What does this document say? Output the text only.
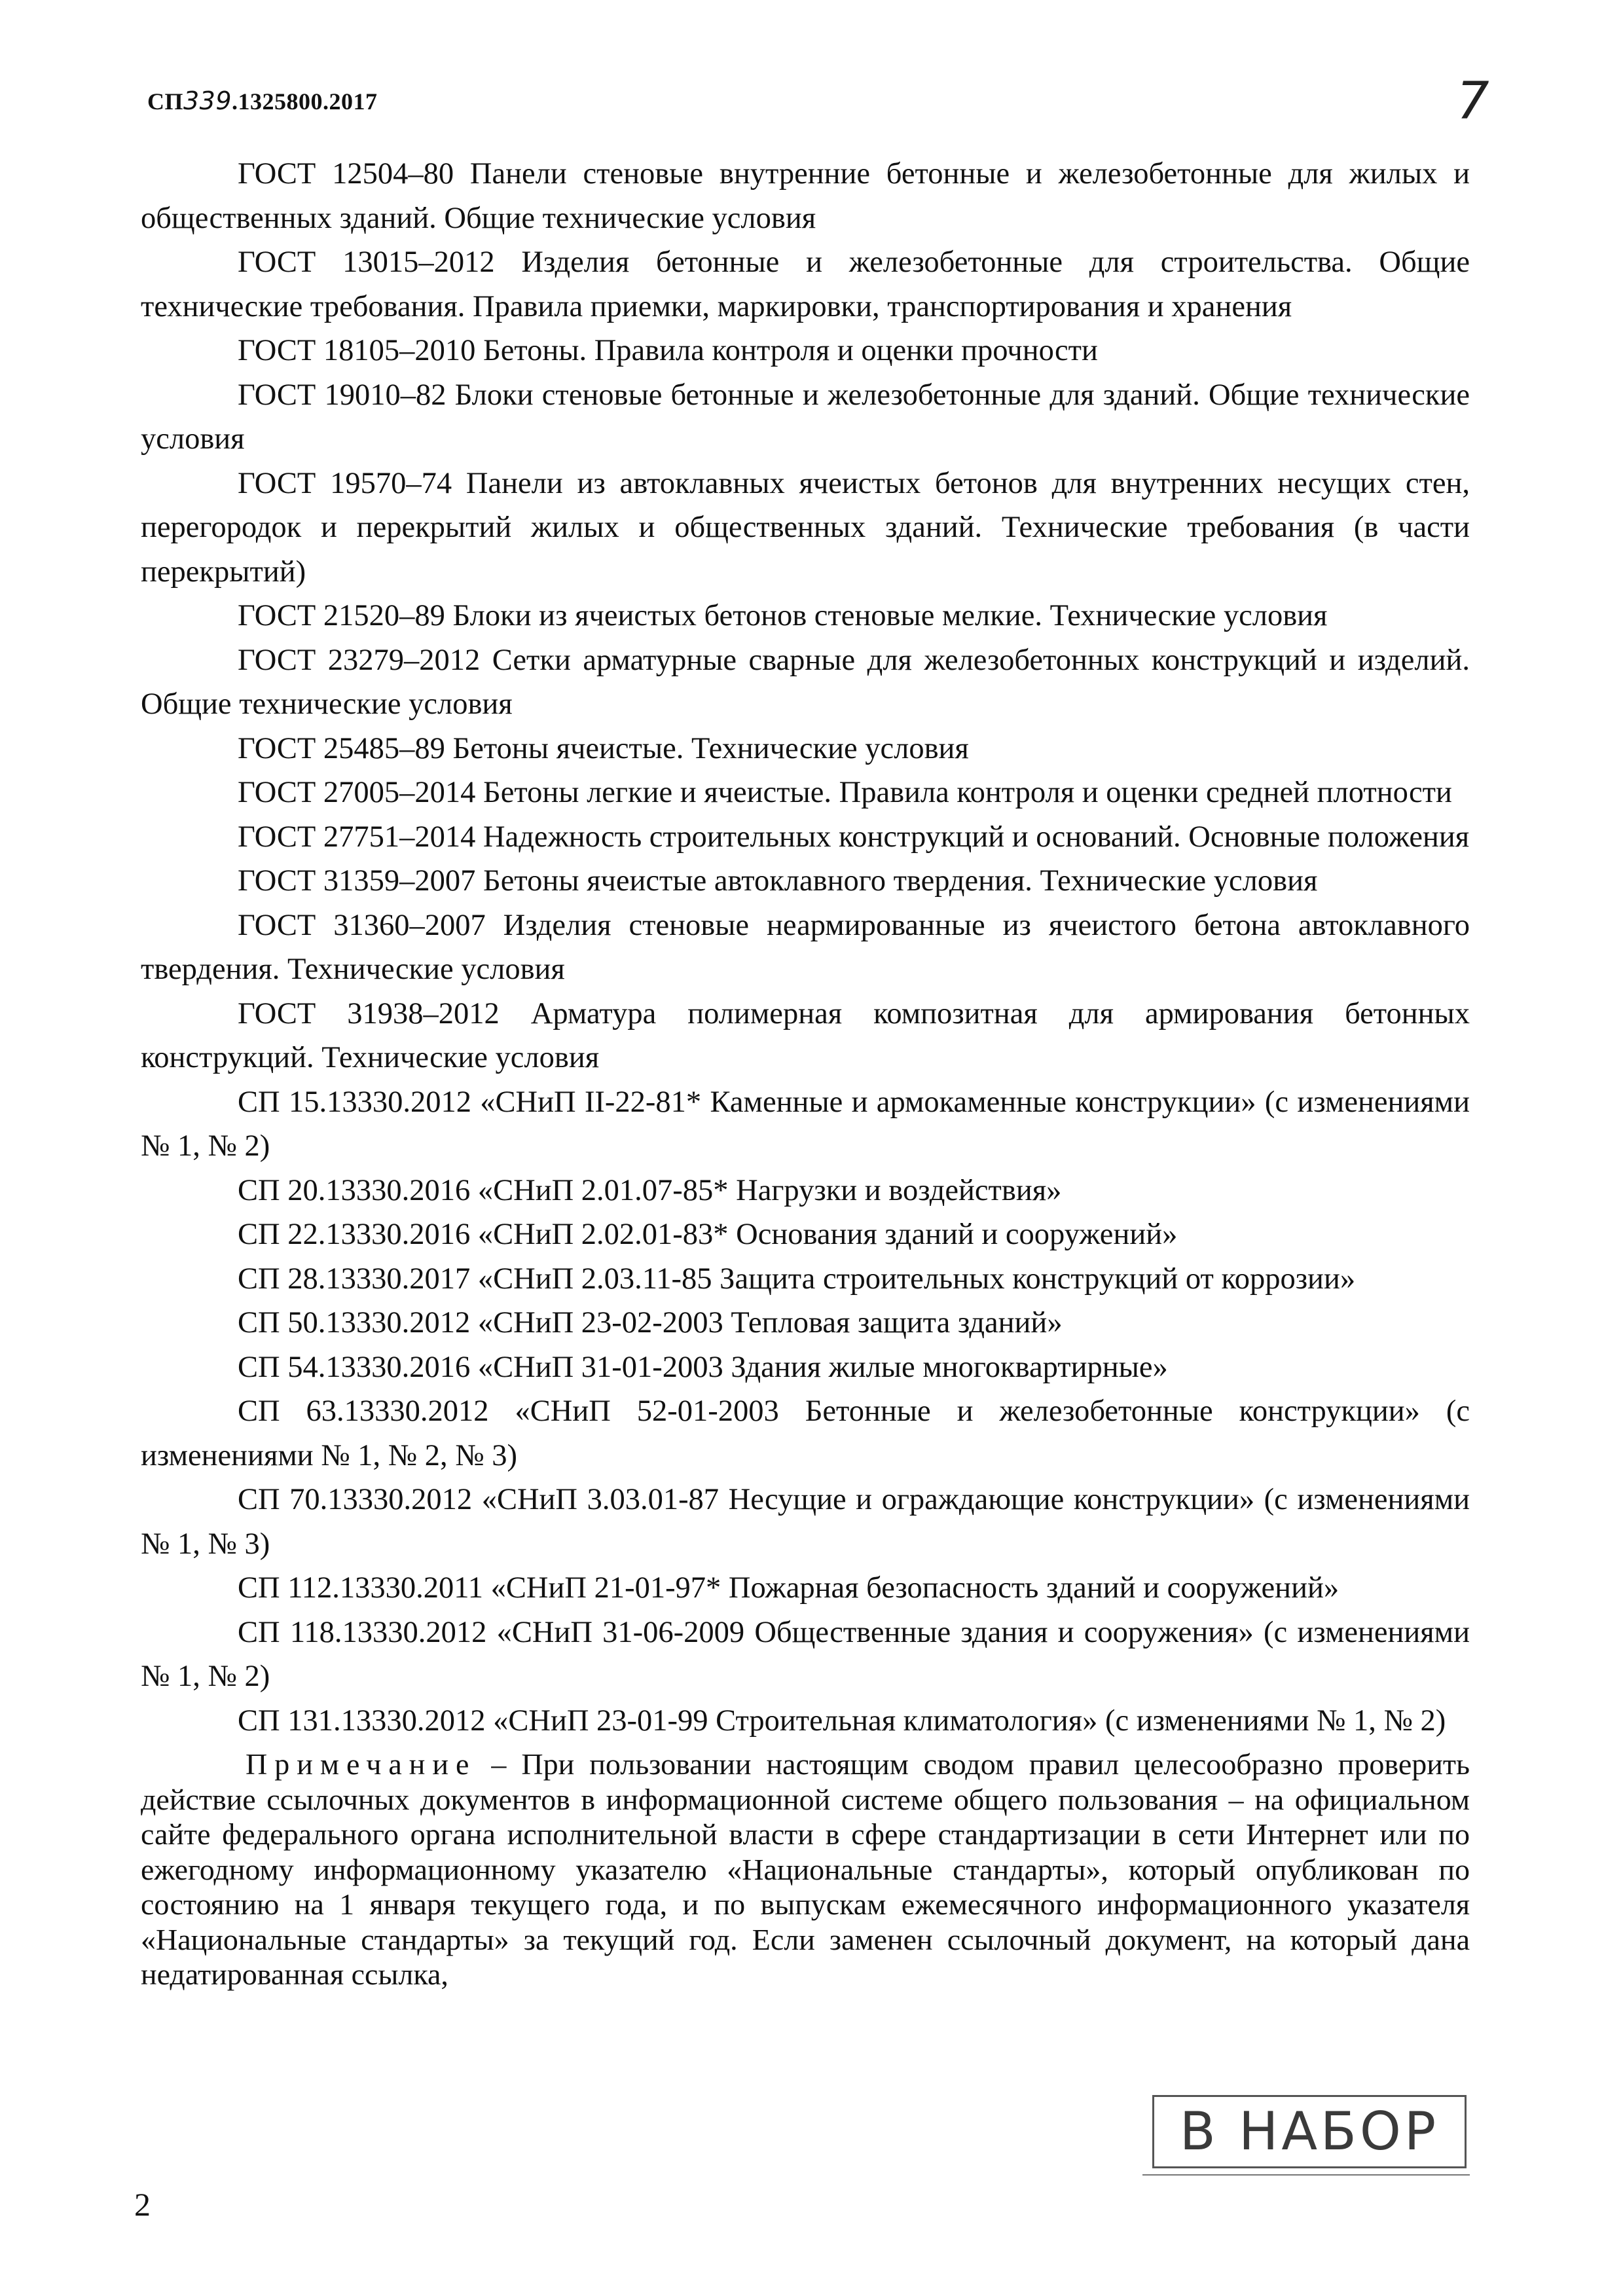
СП339.1325800.2017	7

ГОСТ 12504–80 Панели стеновые внутренние бетонные и железобетонные для жилых и общественных зданий. Общие технические условия

ГОСТ 13015–2012 Изделия бетонные и железобетонные для строительства. Общие технические требования. Правила приемки, маркировки, транспортирования и хранения

ГОСТ 18105–2010 Бетоны. Правила контроля и оценки прочности

ГОСТ 19010–82 Блоки стеновые бетонные и железобетонные для зданий. Общие технические условия

ГОСТ 19570–74 Панели из автоклавных ячеистых бетонов для внутренних несущих стен, перегородок и перекрытий жилых и общественных зданий. Технические требования (в части перекрытий)

ГОСТ 21520–89 Блоки из ячеистых бетонов стеновые мелкие. Технические условия

ГОСТ 23279–2012 Сетки арматурные сварные для железобетонных конструкций и изделий. Общие технические условия

ГОСТ 25485–89 Бетоны ячеистые. Технические условия

ГОСТ 27005–2014 Бетоны легкие и ячеистые. Правила контроля и оценки средней плотности

ГОСТ 27751–2014 Надежность строительных конструкций и оснований. Основные положения

ГОСТ 31359–2007 Бетоны ячеистые автоклавного твердения. Технические условия

ГОСТ 31360–2007 Изделия стеновые неармированные из ячеистого бетона автоклавного твердения. Технические условия

ГОСТ 31938–2012 Арматура полимерная композитная для армирования бетонных конструкций. Технические условия

СП 15.13330.2012 «СНиП II-22-81* Каменные и армокаменные конструкции» (с изменениями № 1, № 2)

СП 20.13330.2016 «СНиП 2.01.07-85* Нагрузки и воздействия»

СП 22.13330.2016 «СНиП 2.02.01-83* Основания зданий и сооружений»

СП 28.13330.2017 «СНиП 2.03.11-85 Защита строительных конструкций от коррозии»

СП 50.13330.2012 «СНиП 23-02-2003 Тепловая защита зданий»

СП 54.13330.2016 «СНиП 31-01-2003 Здания жилые многоквартирные»

СП 63.13330.2012 «СНиП 52-01-2003 Бетонные и железобетонные конструкции» (с изменениями № 1, № 2, № 3)

СП 70.13330.2012 «СНиП 3.03.01-87 Несущие и ограждающие конструкции» (с изменениями № 1, № 3)

СП 112.13330.2011 «СНиП 21-01-97* Пожарная безопасность зданий и сооружений»

СП 118.13330.2012 «СНиП 31-06-2009 Общественные здания и сооружения» (с изменениями № 1, № 2)

СП 131.13330.2012 «СНиП 23-01-99 Строительная климатология» (с изменениями № 1, № 2)

Примечание – При пользовании настоящим сводом правил целесообразно проверить действие ссылочных документов в информационной системе общего пользования – на официальном сайте федерального органа исполнительной власти в сфере стандартизации в сети Интернет или по ежегодному информационному указателю «Национальные стандарты», который опубликован по состоянию на 1 января текущего года, и по выпускам ежемесячного информационного указателя «Национальные стандарты» за текущий год. Если заменен ссылочный документ, на который дана недатированная ссылка,

В НАБОР
2
